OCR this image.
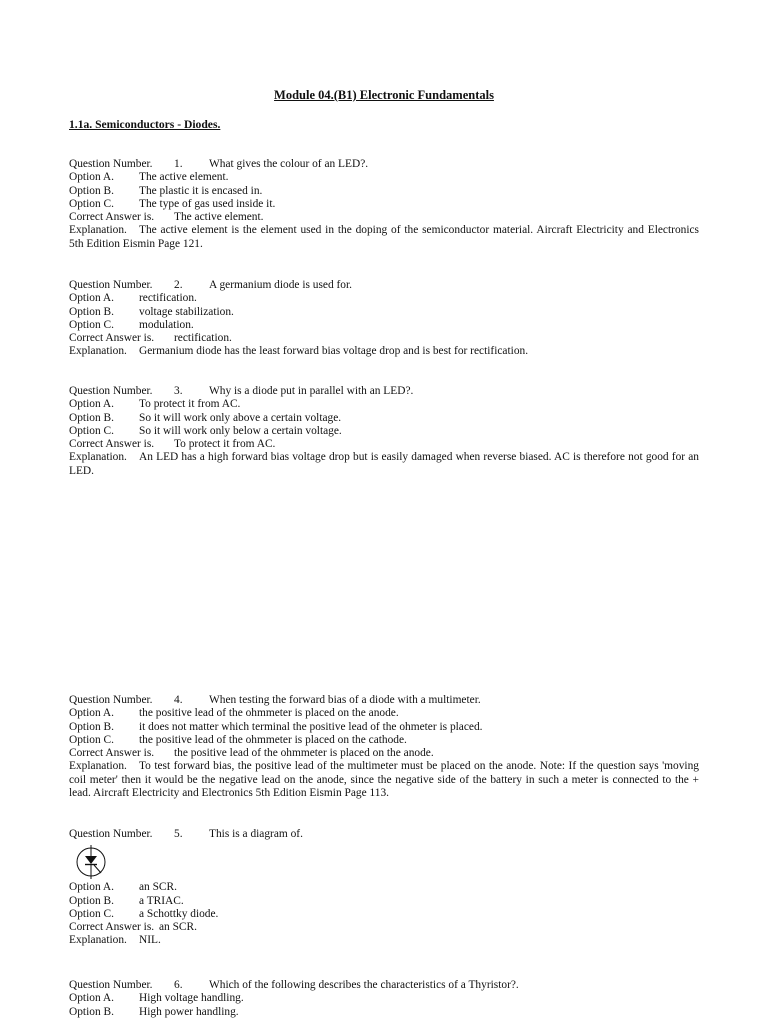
Module 04.(B1) Electronic Fundamentals
1.1a. Semiconductors - Diodes.
Question Number. 1. What gives the colour of an LED?.
Option A. The active element.
Option B. The plastic it is encased in.
Option C. The type of gas used inside it.
Correct Answer is. The active element.
Explanation. The active element is the element used in the doping of the semiconductor material. Aircraft Electricity and Electronics 5th Edition Eismin Page 121.
Question Number. 2. A germanium diode is used for.
Option A. rectification.
Option B. voltage stabilization.
Option C. modulation.
Correct Answer is. rectification.
Explanation. Germanium diode has the least forward bias voltage drop and is best for rectification.
Question Number. 3. Why is a diode put in parallel with an LED?.
Option A. To protect it from AC.
Option B. So it will work only above a certain voltage.
Option C. So it will work only below a certain voltage.
Correct Answer is. To protect it from AC.
Explanation. An LED has a high forward bias voltage drop but is easily damaged when reverse biased. AC is therefore not good for an LED.
Question Number. 4. When testing the forward bias of a diode with a multimeter.
Option A. the positive lead of the ohmmeter is placed on the anode.
Option B. it does not matter which terminal the positive lead of the ohmeter is placed.
Option C. the positive lead of the ohmmeter is placed on the cathode.
Correct Answer is. the positive lead of the ohmmeter is placed on the anode.
Explanation. To test forward bias, the positive lead of the multimeter must be placed on the anode. Note: If the question says 'moving coil meter' then it would be the negative lead on the anode, since the negative side of the battery in such a meter is connected to the + lead. Aircraft Electricity and Electronics 5th Edition Eismin Page 113.
Question Number. 5. This is a diagram of.
Option A. an SCR.
Option B. a TRIAC.
Option C. a Schottky diode.
Correct Answer is. an SCR.
Explanation. NIL.
Question Number. 6. Which of the following describes the characteristics of a Thyristor?.
Option A. High voltage handling.
Option B. High power handling.
